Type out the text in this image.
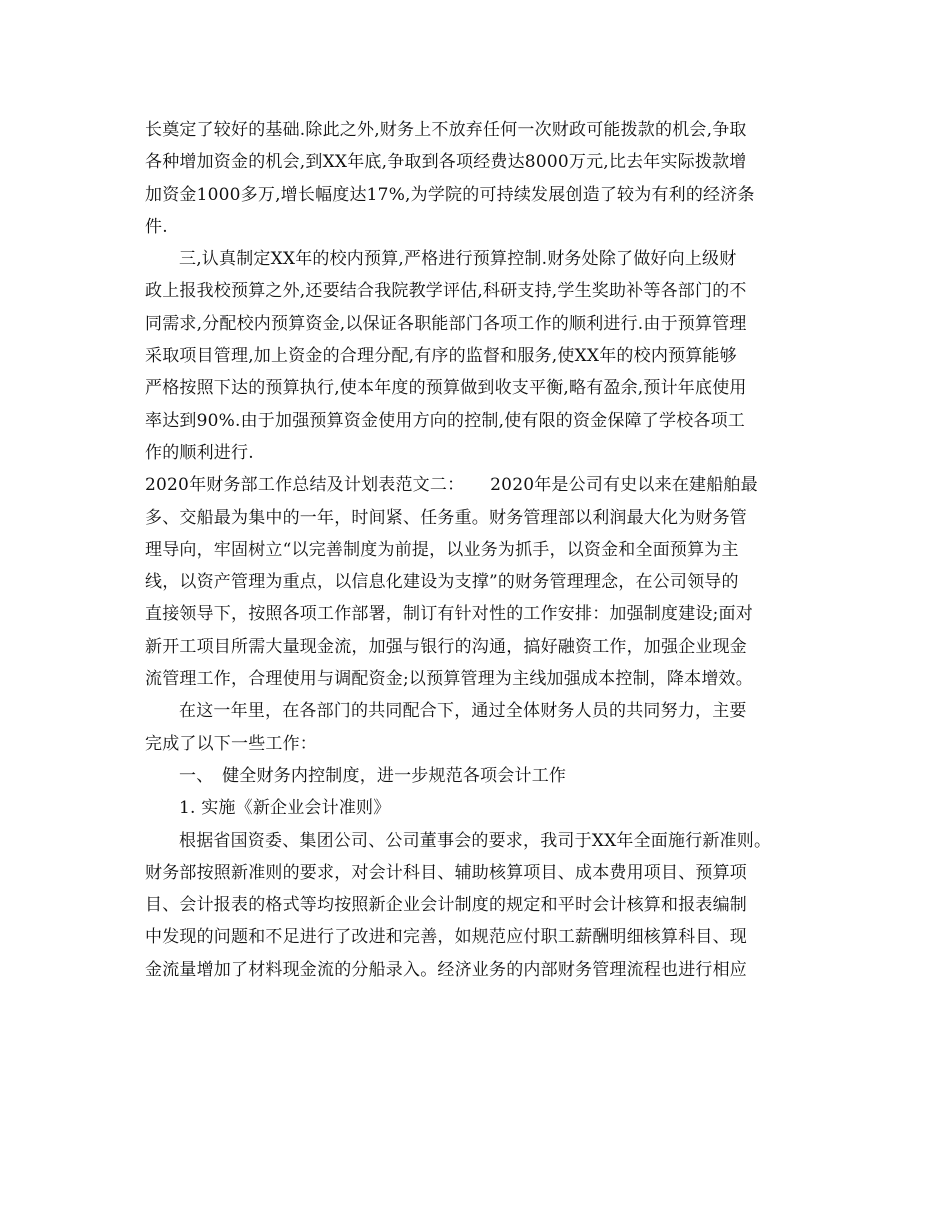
长奠定了较好的基础.除此之外,财务上不放弃任何一次财政可能拨款的机会,争取
各种增加资金的机会,到XX年底,争取到各项经费达8000万元,比去年实际拨款增
加资金1000多万,增长幅度达17%,为学院的可持续发展创造了较为有利的经济条
件.
三,认真制定XX年的校内预算,严格进行预算控制.财务处除了做好向上级财
政上报我校预算之外,还要结合我院教学评估,科研支持,学生奖助补等各部门的不
同需求,分配校内预算资金,以保证各职能部门各项工作的顺利进行.由于预算管理
采取项目管理,加上资金的合理分配,有序的监督和服务,使XX年的校内预算能够
严格按照下达的预算执行,使本年度的预算做到收支平衡,略有盈余,预计年底使用
率达到90%.由于加强预算资金使用方向的控制,使有限的资金保障了学校各项工
作的顺利进行.
2020年财务部工作总结及计划表范文二：　　2020年是公司有史以来在建船舶最
多、交船最为集中的一年，时间紧、任务重。财务管理部以利润最大化为财务管
理导向，牢固树立“以完善制度为前提，以业务为抓手，以资金和全面预算为主
线，以资产管理为重点，以信息化建设为支撑”的财务管理理念，在公司领导的
直接领导下，按照各项工作部署，制订有针对性的工作安排：加强制度建设;面对
新开工项目所需大量现金流，加强与银行的沟通，搞好融资工作，加强企业现金
流管理工作，合理使用与调配资金;以预算管理为主线加强成本控制，降本增效。
在这一年里，在各部门的共同配合下，通过全体财务人员的共同努力，主要
完成了以下一些工作：
一、　健全财务内控制度，进一步规范各项会计工作
1. 实施《新企业会计准则》
根据省国资委、集团公司、公司董事会的要求，我司于XX年全面施行新准则。
财务部按照新准则的要求，对会计科目、辅助核算项目、成本费用项目、预算项
目、会计报表的格式等均按照新企业会计制度的规定和平时会计核算和报表编制
中发现的问题和不足进行了改进和完善，如规范应付职工薪酬明细核算科目、现
金流量增加了材料现金流的分船录入。经济业务的内部财务管理流程也进行相应
